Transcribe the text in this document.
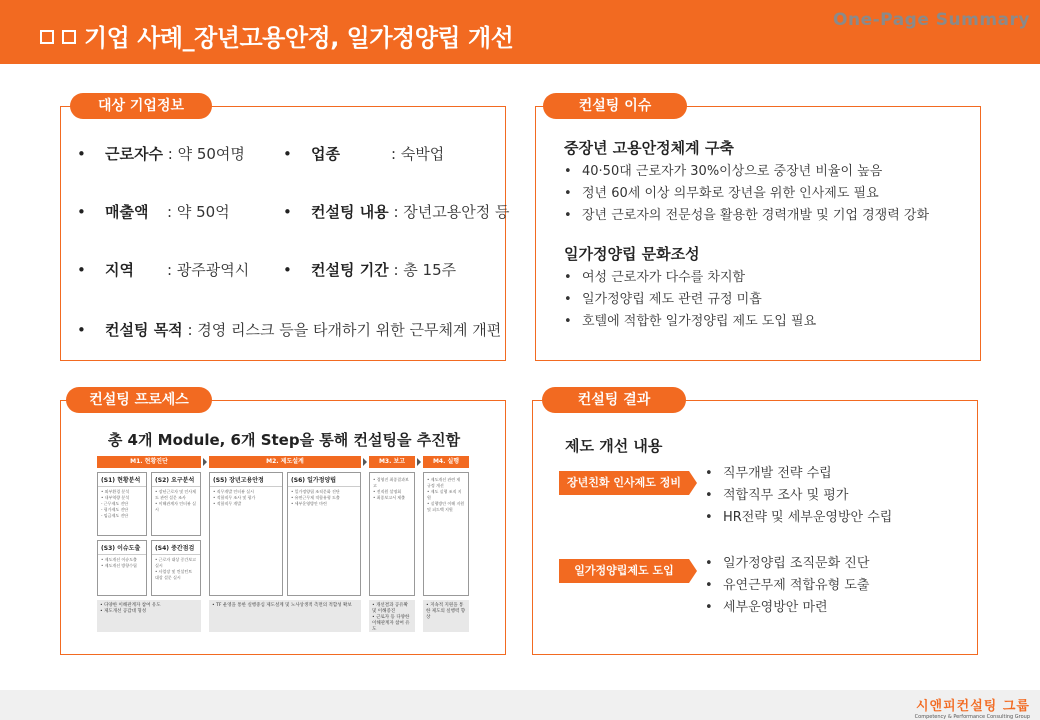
기업 사례_장년고용안정, 일가정양립 개선
One-Page Summary
• 근로자수 : 약 50여명	• 업종	: 숙박업
• 매출액 : 약 50억	• 컨설팅 내용 : 장년고용안정 등
• 지역 : 광주광역시 • 컨설팅 기간 : 총 15주
• 컨설팅 목적 : 경영 리스크 등을 타개하기 위한 근무체계 개편
대상 기업정보
중장년 고용안정체계 구축
• 40·50대 근로자가 30%이상으로 중장년 비율이 높음
• 정년 60세 이상 의무화로 장년을 위한 인사제도 필요
• 장년 근로자의 전문성을 활용한 경력개발 및 기업 경쟁력 강화
일가정양립 문화조성
• 여성 근로자가 다수를 차지함
• 일가정양립 제도 관련 규정 미흡
• 호텔에 적합한 일가정양립 제도 도입 필요
컨설팅 이슈
총 4개 Module, 6개 Step을 통해 컨설팅을 추진함
M1. 현황진단	M2. 제도설계	M3. 보고	M4. 실행
(S1) 현황분석
• 외부환경 분석
• 내부역량 분석
- 근무제도 진단
- 평가제도 진단
- 임금제도 진단
(S2) 요구분석
• 장년근로자 및 인사제도 관련 설문 조사
• 이해관계자 인터뷰 실시
(S3) 이슈도출
• 제도개선 이슈도출
• 제도개선 방향수립
(S4) 중간점검
• 근로자 대상 중간보고 실시
• 사업장 및 컨설턴트 대상 설문 실시
(S5) 장년고용안정
• 직무개발 인터뷰 실시
• 적합직무 조사 및 평가
• 적합직무 개발
(S6) 일가정양립
• 일가정양립 조직문화 진단
• 유연근무제 적합유형 도출
• 세부운영방안 마련
• 경영진 최종결과보고
• 전직원 설명회
• 최종보고서 제출
• 제도개선 관련 제 규정 개선
• 제도 실행 조직 지원
• 실행방안 이해 지원 및 피드백 지원
• 다양한 이해관계자 참여 유도
• 제도개선 공감대 형성
• TF 운영을 통한 실행중심 제도설계 및 노사상생적 측면의 적합성 확보	• 개선결과 공유확 및 이해증진
• 근로자 등 다양한 이해관계자 참여 유도
• 지속적 지원을 통한 제도의 실행력 향상
컨설팅 프로세스
제도 개선 내용
장년친화 인사제도 정비
• 직무개발 전략 수립
• 적합직무 조사 및 평가
• HR전략 및 세부운영방안 수립
일가정양립제도 도입	• 일가정양립 조직문화 진단
• 유연근무제 적합유형 도출
• 세부운영방안 마련
컨설팅 결과
시앤피컨설팅 그룹
Competency & Performance Consulting Group
